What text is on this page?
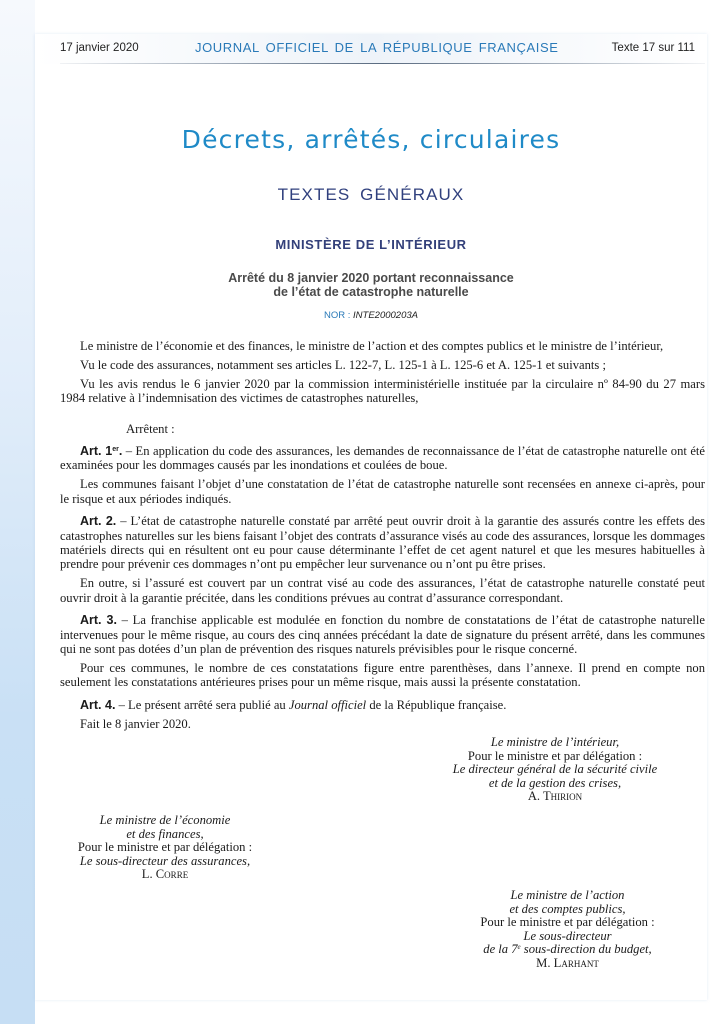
17 janvier 2020	JOURNAL OFFICIEL DE LA RÉPUBLIQUE FRANÇAISE	Texte 17 sur 111
Décrets, arrêtés, circulaires
TEXTES GÉNÉRAUX
MINISTÈRE DE L’INTÉRIEUR
Arrêté du 8 janvier 2020 portant reconnaissance
de l’état de catastrophe naturelle
NOR : INTE2000203A

Le ministre de l’économie et des finances, le ministre de l’action et des comptes publics et le ministre de l’intérieur,

Vu le code des assurances, notamment ses articles L. 122-7, L. 125-1 à L. 125-6 et A. 125-1 et suivants ;

Vu les avis rendus le 6 janvier 2020 par la commission interministérielle instituée par la circulaire nº 84-90 du 27 mars 1984 relative à l’indemnisation des victimes de catastrophes naturelles,

Arrêtent :

Art. 1er. – En application du code des assurances, les demandes de reconnaissance de l’état de catastrophe naturelle ont été examinées pour les dommages causés par les inondations et coulées de boue.

Les communes faisant l’objet d’une constatation de l’état de catastrophe naturelle sont recensées en annexe ci-après, pour le risque et aux périodes indiqués.

Art. 2. – L’état de catastrophe naturelle constaté par arrêté peut ouvrir droit à la garantie des assurés contre les effets des catastrophes naturelles sur les biens faisant l’objet des contrats d’assurance visés au code des assurances, lorsque les dommages matériels directs qui en résultent ont eu pour cause déterminante l’effet de cet agent naturel et que les mesures habituelles à prendre pour prévenir ces dommages n’ont pu empêcher leur survenance ou n’ont pu être prises.

En outre, si l’assuré est couvert par un contrat visé au code des assurances, l’état de catastrophe naturelle constaté peut ouvrir droit à la garantie précitée, dans les conditions prévues au contrat d’assurance correspondant.

Art. 3. – La franchise applicable est modulée en fonction du nombre de constatations de l’état de catastrophe naturelle intervenues pour le même risque, au cours des cinq années précédant la date de signature du présent arrêté, dans les communes qui ne sont pas dotées d’un plan de prévention des risques naturels prévisibles pour le risque concerné.

Pour ces communes, le nombre de ces constatations figure entre parenthèses, dans l’annexe. Il prend en compte non seulement les constatations antérieures prises pour un même risque, mais aussi la présente constatation.

Art. 4. – Le présent arrêté sera publié au Journal officiel de la République française.

Fait le 8 janvier 2020.
Le ministre de l’intérieur,
Pour le ministre et par délégation :
Le directeur général de la sécurité civile
et de la gestion des crises,
A. Thirion
Le ministre de l’économie
et des finances,
Pour le ministre et par délégation :
Le sous-directeur des assurances,
L. Corre
Le ministre de l’action
et des comptes publics,
Pour le ministre et par délégation :
Le sous-directeur
de la 7e sous-direction du budget,
M. Larhant
